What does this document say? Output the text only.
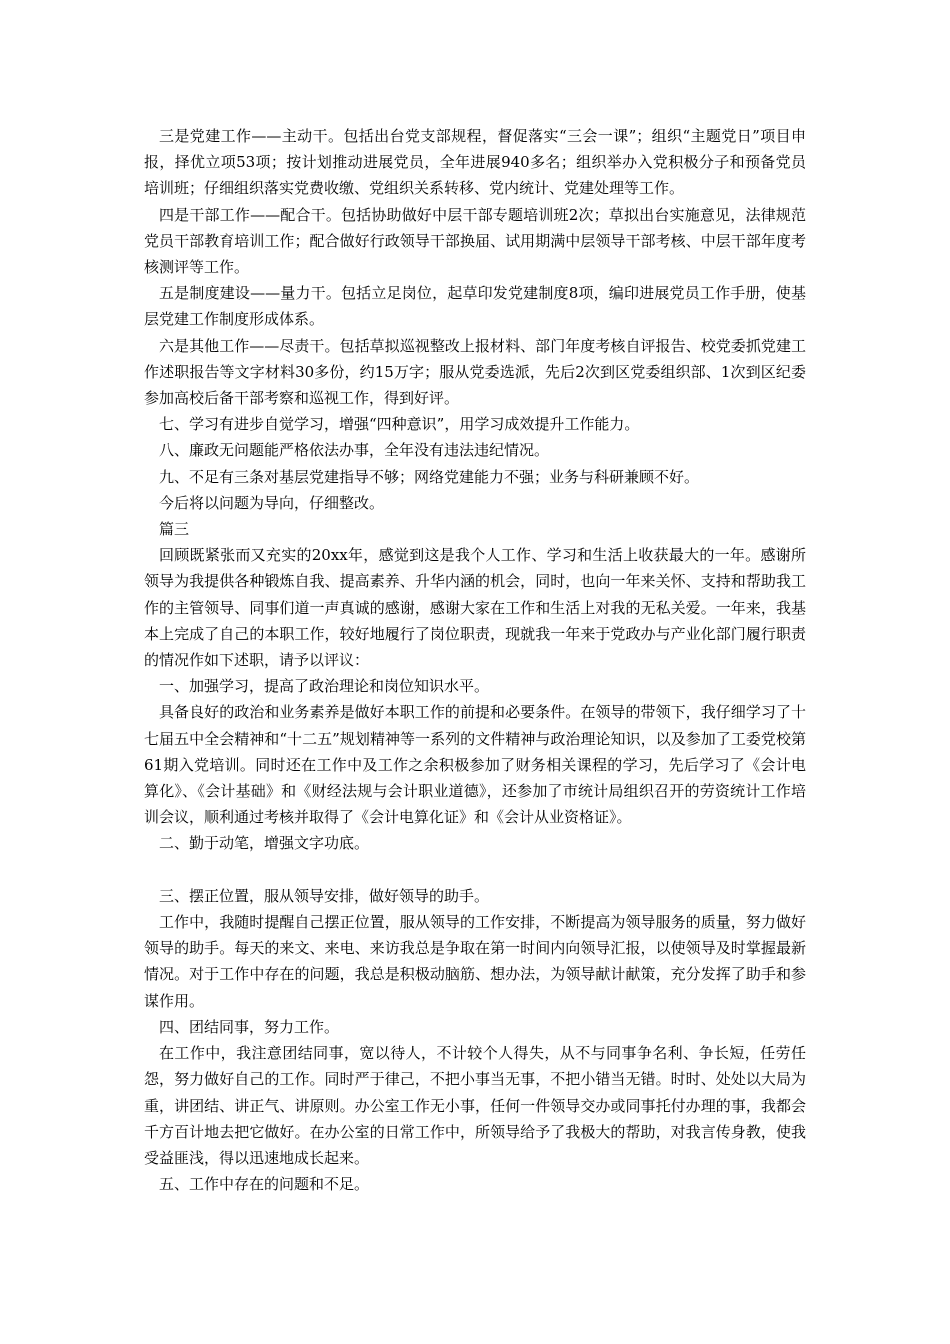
三是党建工作——主动干。包括出台党支部规程，督促落实“三会一课”；组织“主题党日”项目申报，择优立项53项；按计划推动进展党员，全年进展940多名；组织举办入党积极分子和预备党员培训班；仔细组织落实党费收缴、党组织关系转移、党内统计、党建处理等工作。

四是干部工作——配合干。包括协助做好中层干部专题培训班2次；草拟出台实施意见，法律规范党员干部教育培训工作；配合做好行政领导干部换届、试用期满中层领导干部考核、中层干部年度考核测评等工作。

五是制度建设——量力干。包括立足岗位，起草印发党建制度8项，编印进展党员工作手册，使基层党建工作制度形成体系。

六是其他工作——尽责干。包括草拟巡视整改上报材料、部门年度考核自评报告、校党委抓党建工作述职报告等文字材料30多份，约15万字；服从党委选派，先后2次到区党委组织部、1次到区纪委参加高校后备干部考察和巡视工作，得到好评。

七、学习有进步自觉学习，增强“四种意识”，用学习成效提升工作能力。

八、廉政无问题能严格依法办事，全年没有违法违纪情况。

九、不足有三条对基层党建指导不够；网络党建能力不强；业务与科研兼顾不好。

今后将以问题为导向，仔细整改。

篇三

回顾既紧张而又充实的20xx年，感觉到这是我个人工作、学习和生活上收获最大的一年。感谢所领导为我提供各种锻炼自我、提高素养、升华内涵的机会，同时，也向一年来关怀、支持和帮助我工作的主管领导、同事们道一声真诚的感谢，感谢大家在工作和生活上对我的无私关爱。一年来，我基本上完成了自己的本职工作，较好地履行了岗位职责，现就我一年来于党政办与产业化部门履行职责的情况作如下述职，请予以评议：

一、加强学习，提高了政治理论和岗位知识水平。

具备良好的政治和业务素养是做好本职工作的前提和必要条件。在领导的带领下，我仔细学习了十七届五中全会精神和“十二五”规划精神等一系列的文件精神与政治理论知识，以及参加了工委党校第61期入党培训。同时还在工作中及工作之余积极参加了财务相关课程的学习，先后学习了《会计电算化》、《会计基础》和《财经法规与会计职业道德》，还参加了市统计局组织召开的劳资统计工作培训会议，顺利通过考核并取得了《会计电算化证》和《会计从业资格证》。

二、勤于动笔，增强文字功底。

三、摆正位置，服从领导安排，做好领导的助手。

工作中，我随时提醒自己摆正位置，服从领导的工作安排，不断提高为领导服务的质量，努力做好领导的助手。每天的来文、来电、来访我总是争取在第一时间内向领导汇报，以使领导及时掌握最新情况。对于工作中存在的问题，我总是积极动脑筋、想办法，为领导献计献策，充分发挥了助手和参谋作用。

四、团结同事，努力工作。

在工作中，我注意团结同事，宽以待人，不计较个人得失，从不与同事争名利、争长短，任劳任怨，努力做好自己的工作。同时严于律己，不把小事当无事，不把小错当无错。时时、处处以大局为重，讲团结、讲正气、讲原则。办公室工作无小事，任何一件领导交办或同事托付办理的事，我都会千方百计地去把它做好。在办公室的日常工作中，所领导给予了我极大的帮助，对我言传身教，使我受益匪浅，得以迅速地成长起来。

五、工作中存在的问题和不足。
